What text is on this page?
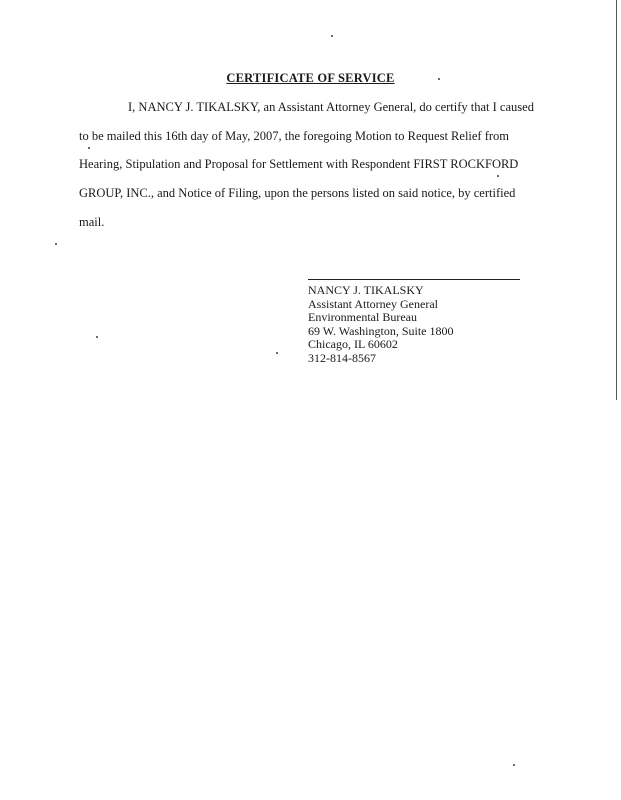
CERTIFICATE OF SERVICE
I, NANCY J. TIKALSKY, an Assistant Attorney General, do certify that I caused
to be mailed this 16th day of May, 2007, the foregoing Motion to Request Relief from
Hearing, Stipulation and Proposal for Settlement with Respondent FIRST ROCKFORD
GROUP, INC., and Notice of Filing, upon the persons listed on said notice, by certified
mail.
NANCY J. TIKALSKY
Assistant Attorney General
Environmental Bureau
69 W. Washington, Suite 1800
Chicago, IL 60602
312-814-8567
